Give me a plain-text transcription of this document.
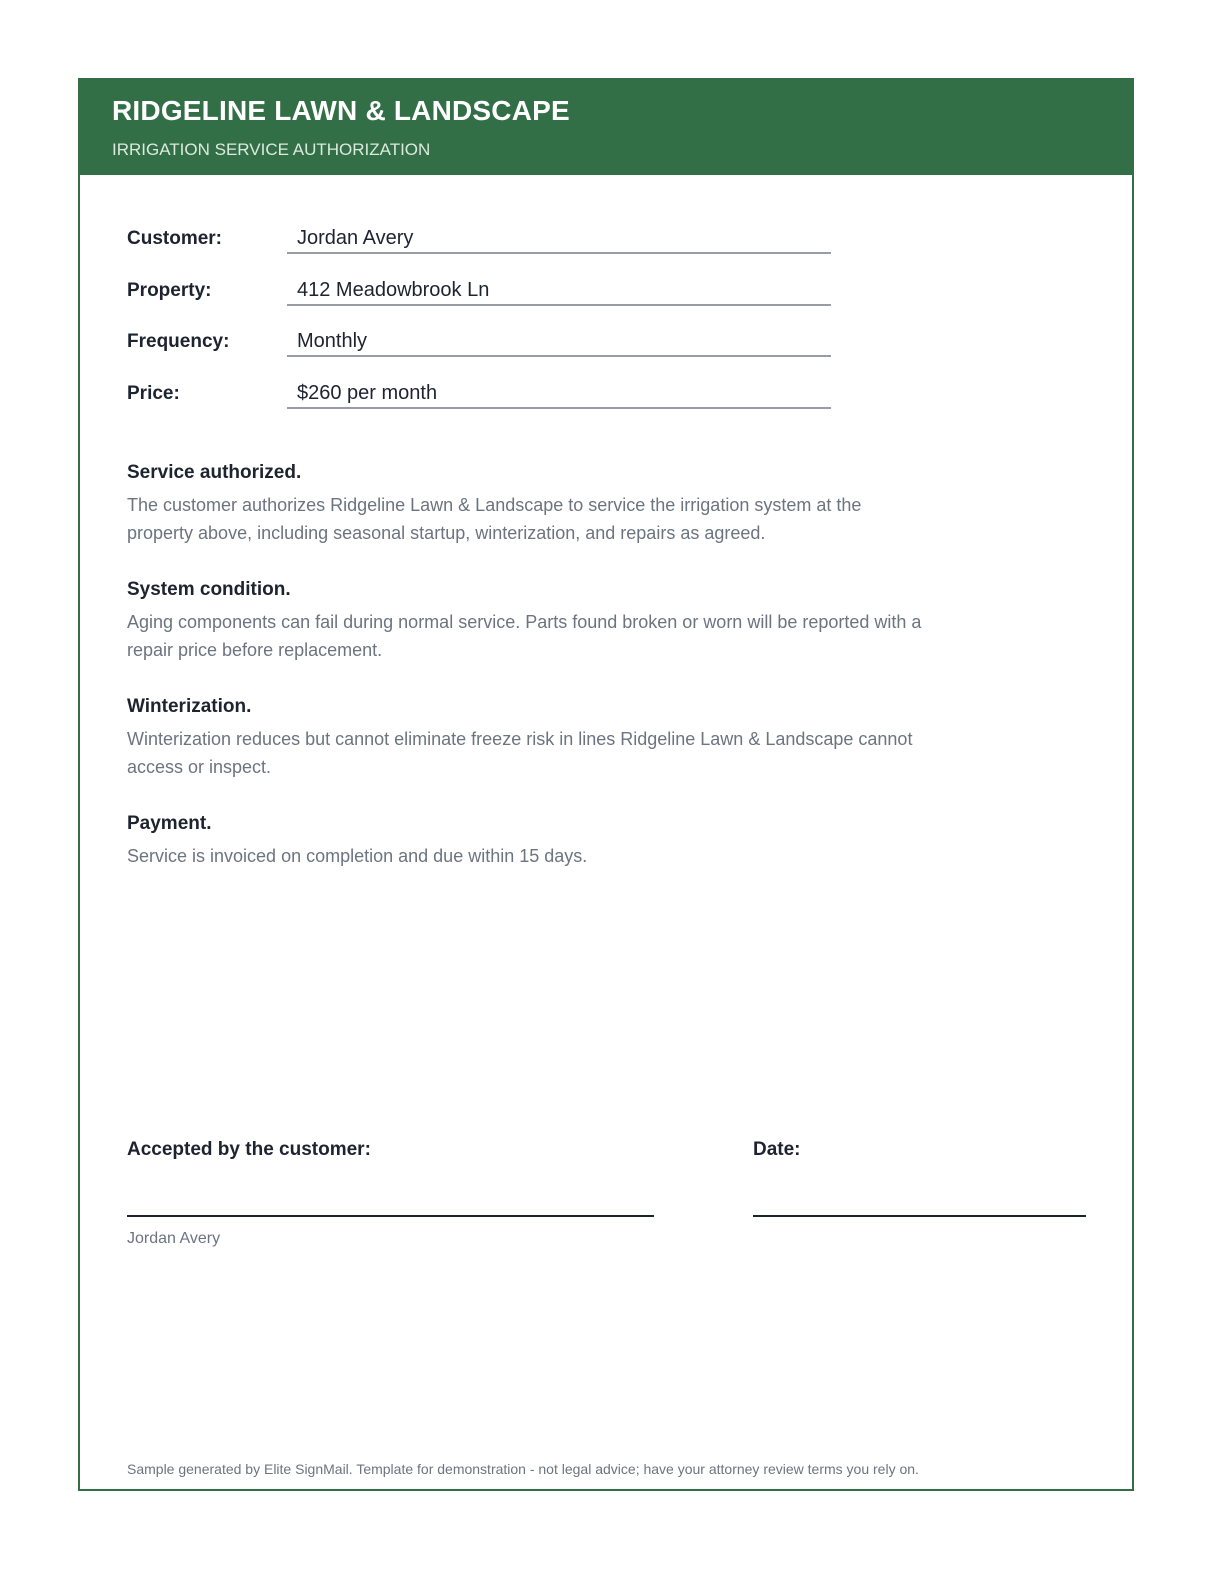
RIDGELINE LAWN & LANDSCAPE
IRRIGATION SERVICE AUTHORIZATION
Customer:	Jordan Avery
Property:	412 Meadowbrook Ln
Frequency:	Monthly
Price:	$260 per month

Service authorized.

The customer authorizes Ridgeline Lawn & Landscape to service the irrigation system at the property above, including seasonal startup, winterization, and repairs as agreed.

System condition.

Aging components can fail during normal service. Parts found broken or worn will be reported with a repair price before replacement.

Winterization.

Winterization reduces but cannot eliminate freeze risk in lines Ridgeline Lawn & Landscape cannot access or inspect.

Payment.

Service is invoiced on completion and due within 15 days.

Accepted by the customer:	Date:
Jordan Avery
Sample generated by Elite SignMail. Template for demonstration - not legal advice; have your attorney review terms you rely on.
